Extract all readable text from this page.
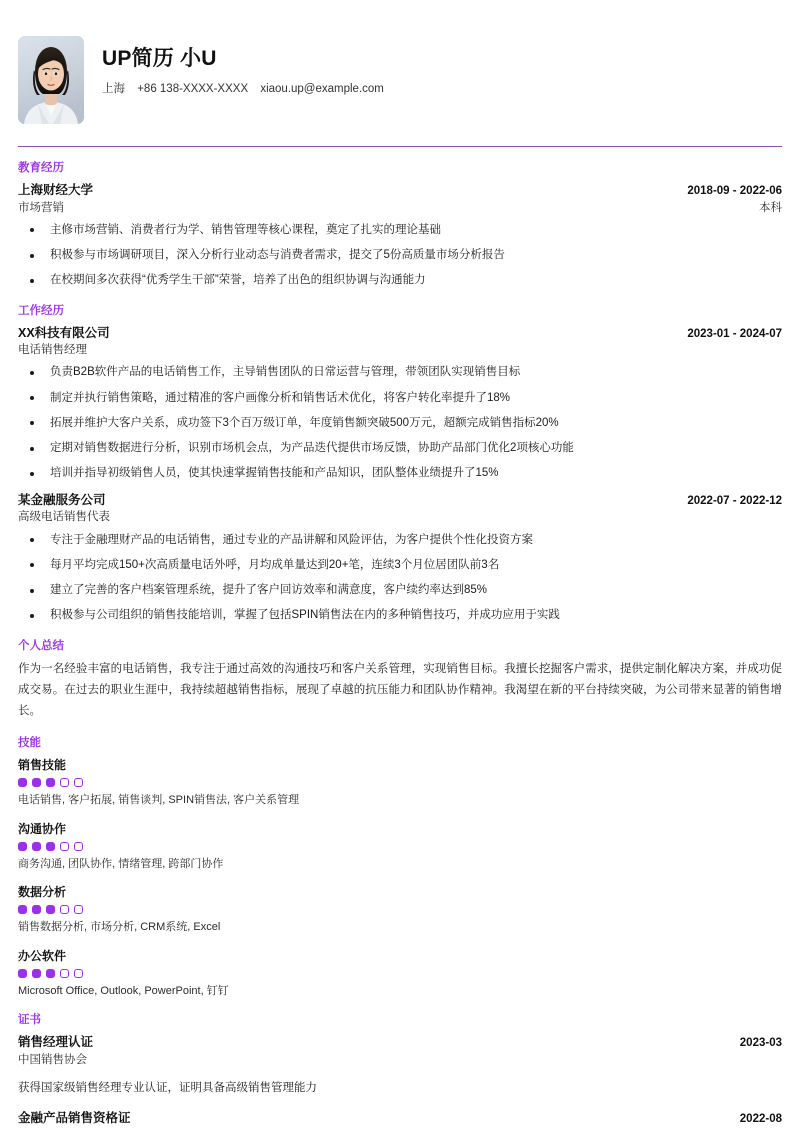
UP简历 小U
上海 +86 138-XXXX-XXXX xiaou.up@example.com
教育经历
上海财经大学	2018-09 - 2022-06
市场营销	本科
主修市场营销、消费者行为学、销售管理等核心课程，奠定了扎实的理论基础
积极参与市场调研项目，深入分析行业动态与消费者需求，提交了5份高质量市场分析报告
在校期间多次获得“优秀学生干部”荣誉，培养了出色的组织协调与沟通能力
工作经历
XX科技有限公司	2023-01 - 2024-07
电话销售经理
负责B2B软件产品的电话销售工作，主导销售团队的日常运营与管理，带领团队实现销售目标
制定并执行销售策略，通过精准的客户画像分析和销售话术优化，将客户转化率提升了18%
拓展并维护大客户关系，成功签下3个百万级订单，年度销售额突破500万元，超额完成销售指标20%
定期对销售数据进行分析，识别市场机会点，为产品迭代提供市场反馈，协助产品部门优化2项核心功能
培训并指导初级销售人员，使其快速掌握销售技能和产品知识，团队整体业绩提升了15%
某金融服务公司	2022-07 - 2022-12
高级电话销售代表
专注于金融理财产品的电话销售，通过专业的产品讲解和风险评估，为客户提供个性化投资方案
每月平均完成150+次高质量电话外呼，月均成单量达到20+笔，连续3个月位居团队前3名
建立了完善的客户档案管理系统，提升了客户回访效率和满意度，客户续约率达到85%
积极参与公司组织的销售技能培训，掌握了包括SPIN销售法在内的多种销售技巧，并成功应用于实践
个人总结

作为一名经验丰富的电话销售，我专注于通过高效的沟通技巧和客户关系管理，实现销售目标。我擅长挖掘客户需求，提供定制化解决方案，并成功促成交易。在过去的职业生涯中，我持续超越销售指标，展现了卓越的抗压能力和团队协作精神。我渴望在新的平台持续突破，为公司带来显著的销售增长。

技能
销售技能
电话销售, 客户拓展, 销售谈判, SPIN销售法, 客户关系管理
沟通协作
商务沟通, 团队协作, 情绪管理, 跨部门协作
数据分析
销售数据分析, 市场分析, CRM系统, Excel
办公软件
Microsoft Office, Outlook, PowerPoint, 钉钉
证书
销售经理认证	2023-03
中国销售协会
获得国家级销售经理专业认证，证明具备高级销售管理能力
金融产品销售资格证	2022-08
